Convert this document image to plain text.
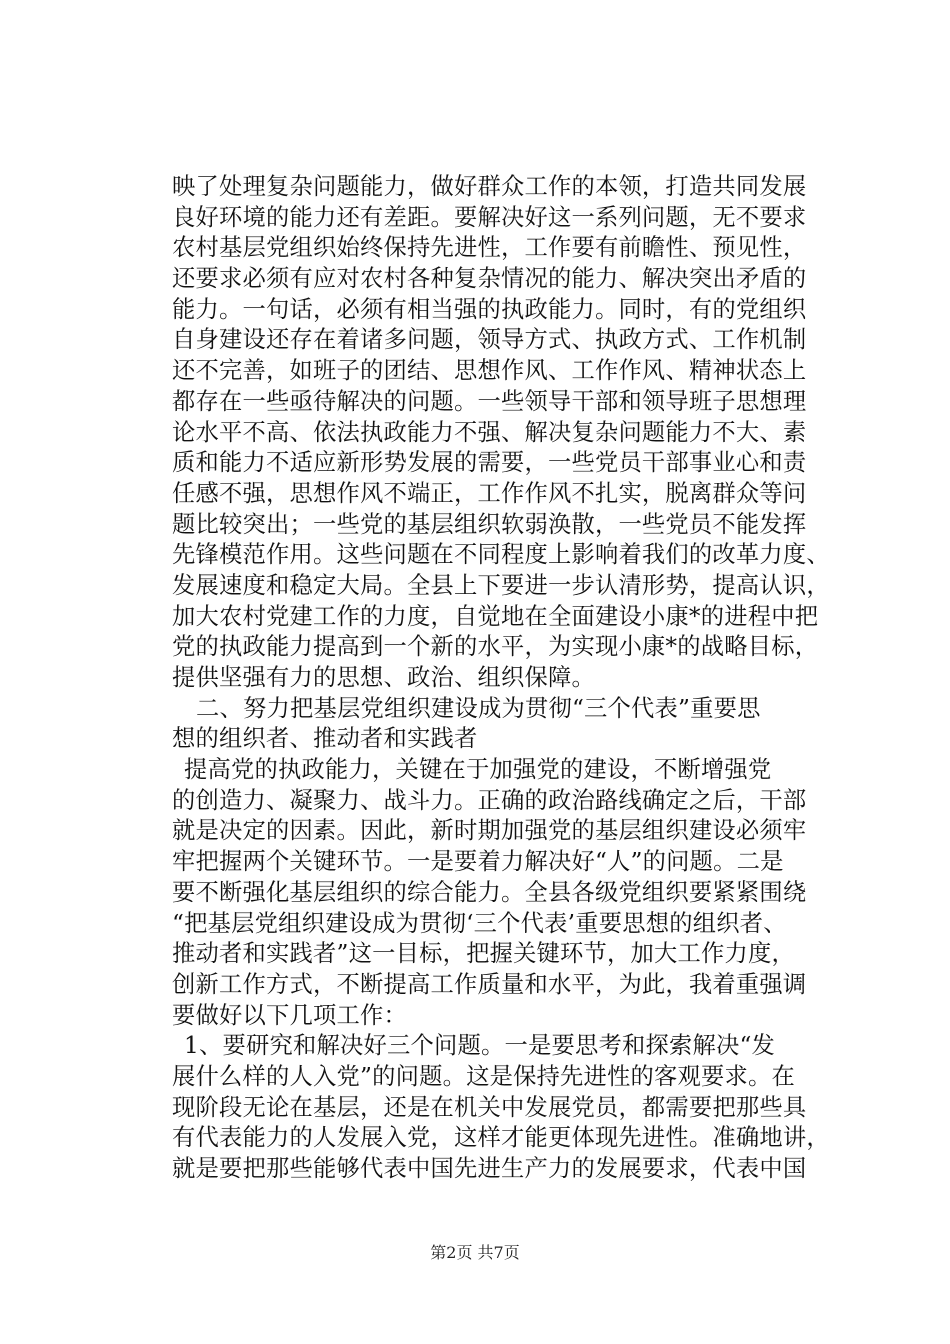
映了处理复杂问题能力，做好群众工作的本领，打造共同发展
良好环境的能力还有差距。要解决好这一系列问题，无不要求
农村基层党组织始终保持先进性，工作要有前瞻性、预见性，
还要求必须有应对农村各种复杂情况的能力、解决突出矛盾的
能力。一句话，必须有相当强的执政能力。同时，有的党组织
自身建设还存在着诸多问题，领导方式、执政方式、工作机制
还不完善，如班子的团结、思想作风、工作作风、精神状态上
都存在一些亟待解决的问题。一些领导干部和领导班子思想理
论水平不高、依法执政能力不强、解决复杂问题能力不大、素
质和能力不适应新形势发展的需要，一些党员干部事业心和责
任感不强，思想作风不端正，工作作风不扎实，脱离群众等问
题比较突出；一些党的基层组织软弱涣散，一些党员不能发挥
先锋模范作用。这些问题在不同程度上影响着我们的改革力度、
发展速度和稳定大局。全县上下要进一步认清形势，提高认识，
加大农村党建工作的力度，自觉地在全面建设小康*的进程中把
党的执政能力提高到一个新的水平，为实现小康*的战略目标，
提供坚强有力的思想、政治、组织保障。
二、努力把基层党组织建设成为贯彻“三个代表”重要思
想的组织者、推动者和实践者
提高党的执政能力，关键在于加强党的建设，不断增强党
的创造力、凝聚力、战斗力。正确的政治路线确定之后，干部
就是决定的因素。因此，新时期加强党的基层组织建设必须牢
牢把握两个关键环节。一是要着力解决好“人”的问题。二是
要不断强化基层组织的综合能力。全县各级党组织要紧紧围绕
“把基层党组织建设成为贯彻‘三个代表’重要思想的组织者、
推动者和实践者”这一目标，把握关键环节，加大工作力度，
创新工作方式，不断提高工作质量和水平，为此，我着重强调
要做好以下几项工作：
1、要研究和解决好三个问题。一是要思考和探索解决“发
展什么样的人入党”的问题。这是保持先进性的客观要求。在
现阶段无论在基层，还是在机关中发展党员，都需要把那些具
有代表能力的人发展入党，这样才能更体现先进性。准确地讲，
就是要把那些能够代表中国先进生产力的发展要求，代表中国
第2页 共7页
